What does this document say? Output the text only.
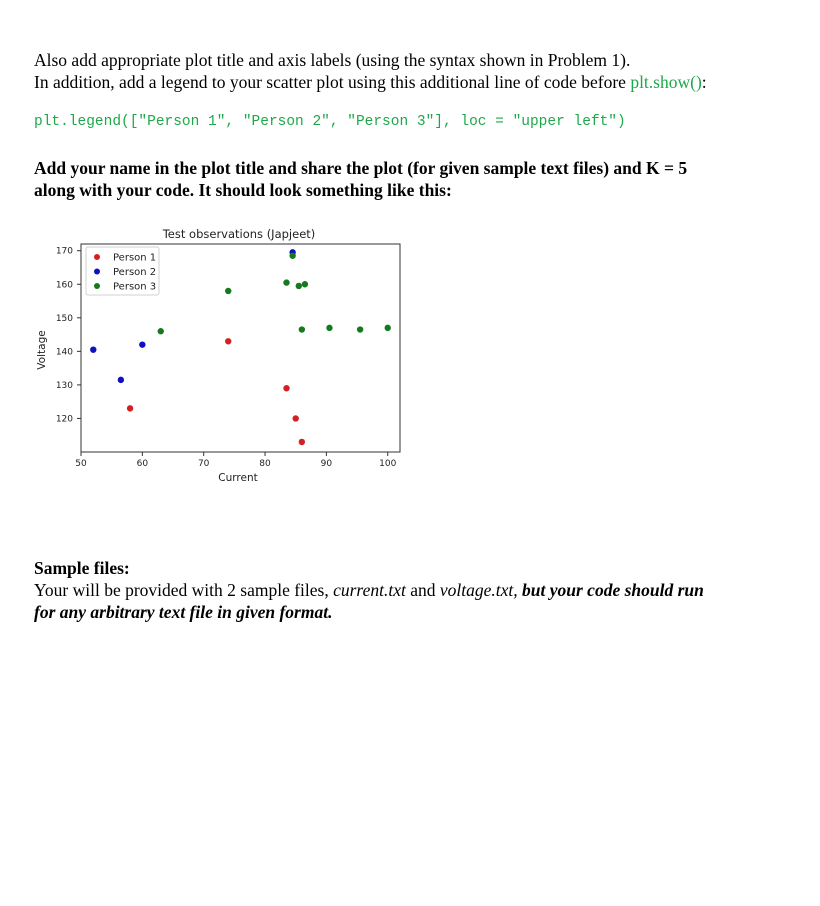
Also add appropriate plot title and axis labels (using the syntax shown in Problem 1).
In addition, add a legend to your scatter plot using this additional line of code before plt.show():
plt.legend(["Person 1", "Person 2", "Person 3"], loc = "upper left")
Add your name in the plot title and share the plot (for given sample text files) and K = 5
along with your code. It should look something like this:
Test observations (Japjeet)
50	60	70	80	90	100
120
130
140
150
160
170
Person 1
Person 2
Person 3
Current
Voltage
Sample files:
Your will be provided with 2 sample files, current.txt and voltage.txt, but your code should run
for any arbitrary text file in given format.
